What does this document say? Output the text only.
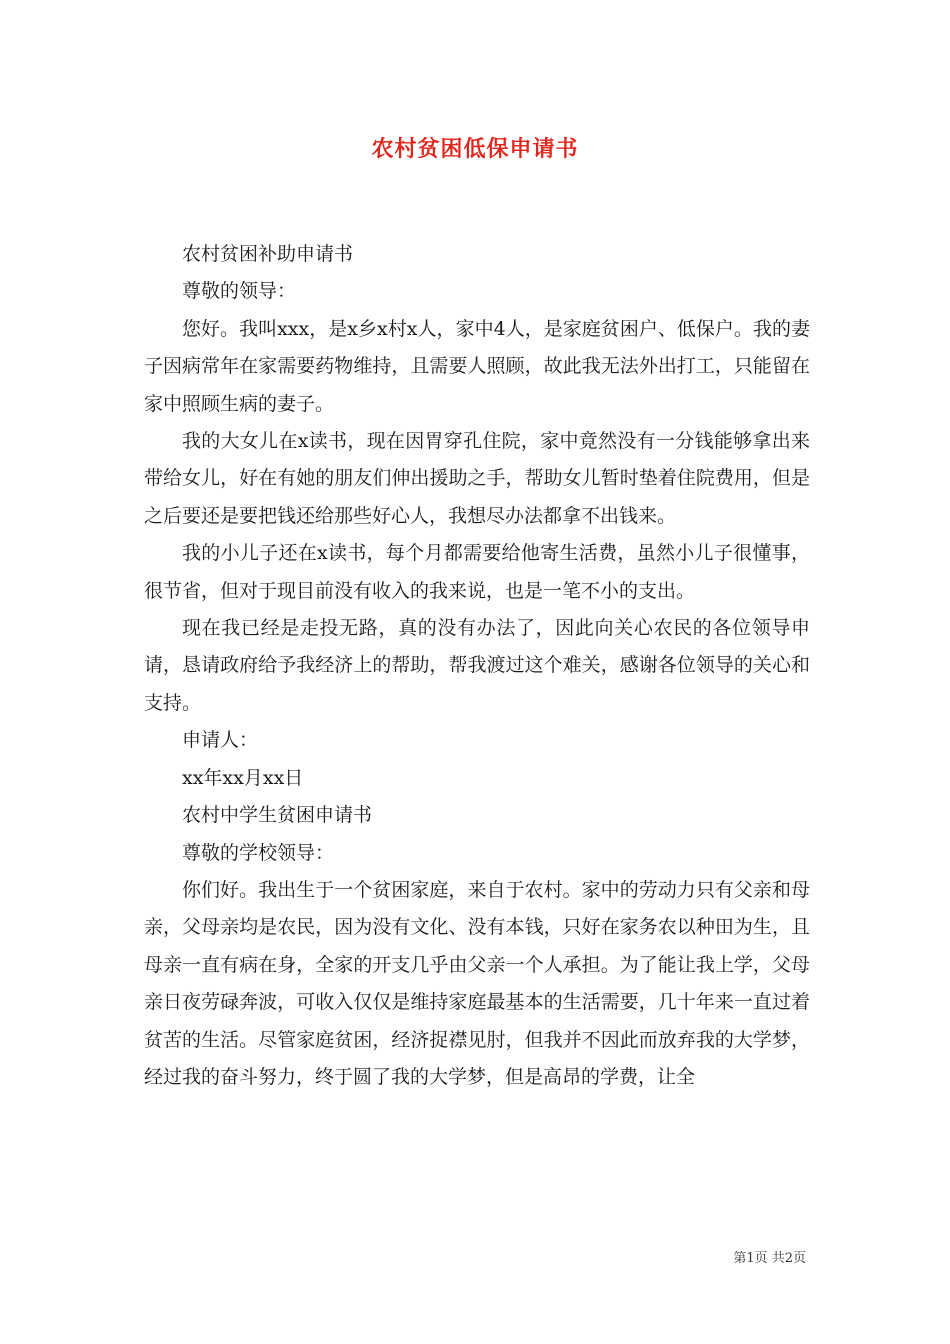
农村贫困低保申请书

农村贫困补助申请书

尊敬的领导：

您好。我叫xxx，是x乡x村x人，家中4人，是家庭贫困户、低保户。我的妻子因病常年在家需要药物维持，且需要人照顾，故此我无法外出打工，只能留在家中照顾生病的妻子。

我的大女儿在x读书，现在因胃穿孔住院，家中竟然没有一分钱能够拿出来带给女儿，好在有她的朋友们伸出援助之手，帮助女儿暂时垫着住院费用，但是之后要还是要把钱还给那些好心人，我想尽办法都拿不出钱来。

我的小儿子还在x读书，每个月都需要给他寄生活费，虽然小儿子很懂事，很节省，但对于现目前没有收入的我来说，也是一笔不小的支出。

现在我已经是走投无路，真的没有办法了，因此向关心农民的各位领导申请，恳请政府给予我经济上的帮助，帮我渡过这个难关，感谢各位领导的关心和支持。

申请人：

xx年xx月xx日

农村中学生贫困申请书

尊敬的学校领导：

你们好。我出生于一个贫困家庭，来自于农村。家中的劳动力只有父亲和母亲，父母亲均是农民，因为没有文化、没有本钱，只好在家务农以种田为生，且母亲一直有病在身，全家的开支几乎由父亲一个人承担。为了能让我上学，父母亲日夜劳碌奔波，可收入仅仅是维持家庭最基本的生活需要，几十年来一直过着贫苦的生活。尽管家庭贫困，经济捉襟见肘，但我并不因此而放弃我的大学梦，经过我的奋斗努力，终于圆了我的大学梦，但是高昂的学费，让全

第1页 共2页
